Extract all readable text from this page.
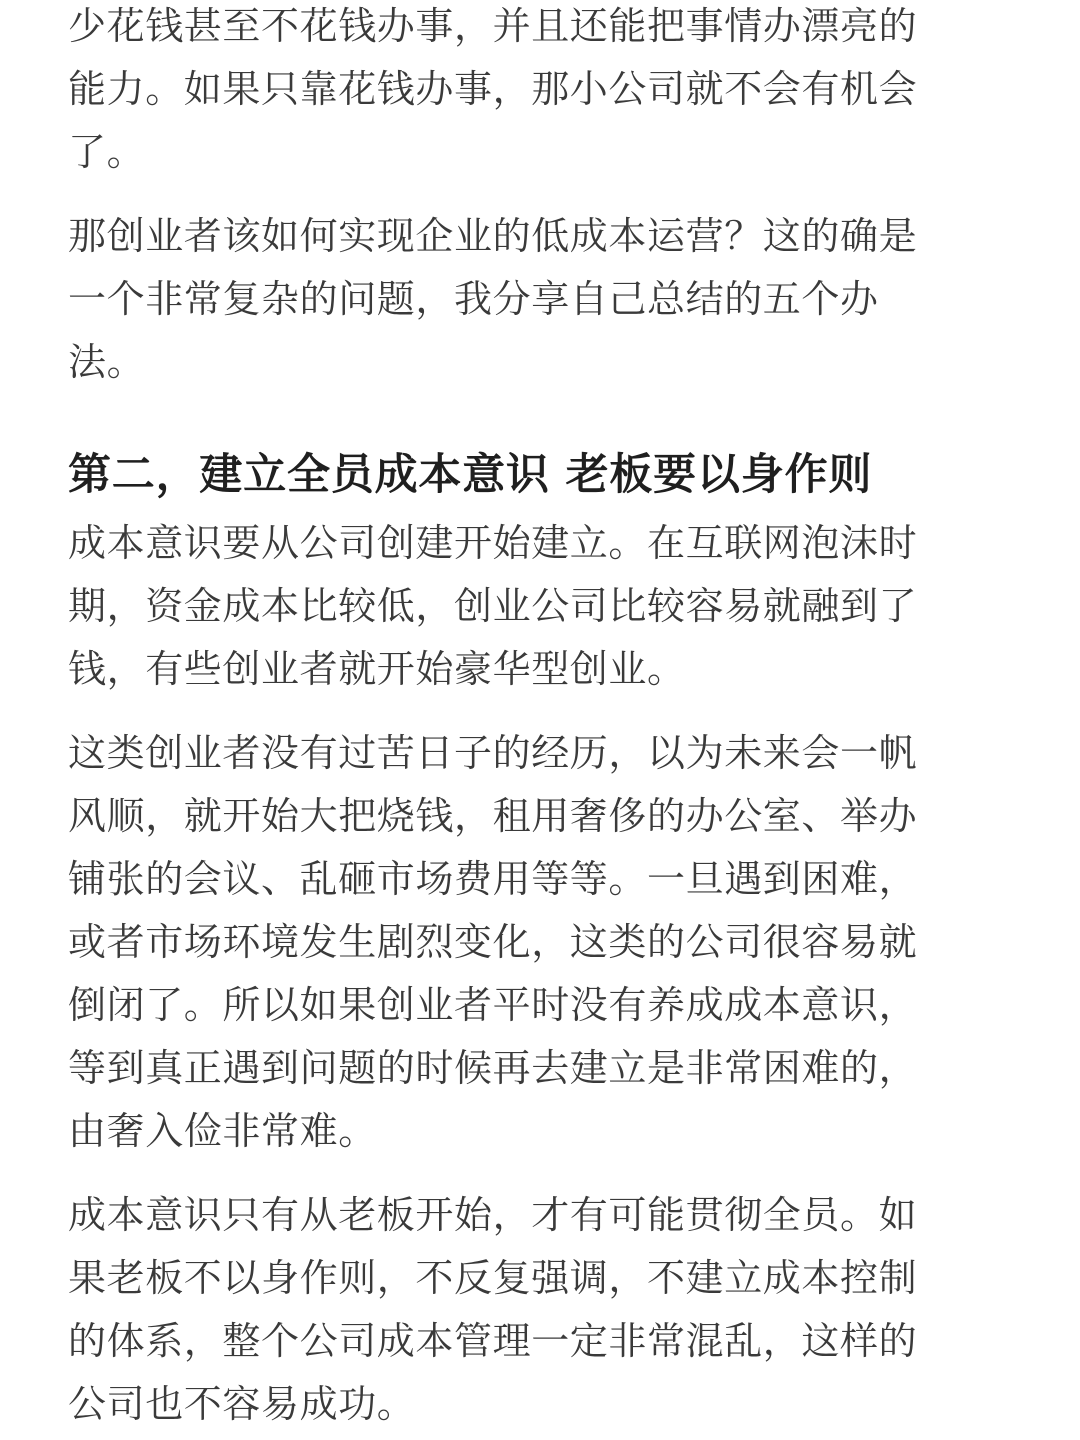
少花钱甚至不花钱办事，并且还能把事情办漂亮的
能力。如果只靠花钱办事，那小公司就不会有机会
了。
那创业者该如何实现企业的低成本运营？这的确是
一个非常复杂的问题，我分享自己总结的五个办
法。
第二，建立全员成本意识 老板要以身作则
成本意识要从公司创建开始建立。在互联网泡沫时
期，资金成本比较低，创业公司比较容易就融到了
钱，有些创业者就开始豪华型创业。
这类创业者没有过苦日子的经历，以为未来会一帆
风顺，就开始大把烧钱，租用奢侈的办公室、举办
铺张的会议、乱砸市场费用等等。一旦遇到困难，
或者市场环境发生剧烈变化，这类的公司很容易就
倒闭了。所以如果创业者平时没有养成成本意识，
等到真正遇到问题的时候再去建立是非常困难的，
由奢入俭非常难。
成本意识只有从老板开始，才有可能贯彻全员。如
果老板不以身作则，不反复强调，不建立成本控制
的体系，整个公司成本管理一定非常混乱，这样的
公司也不容易成功。
